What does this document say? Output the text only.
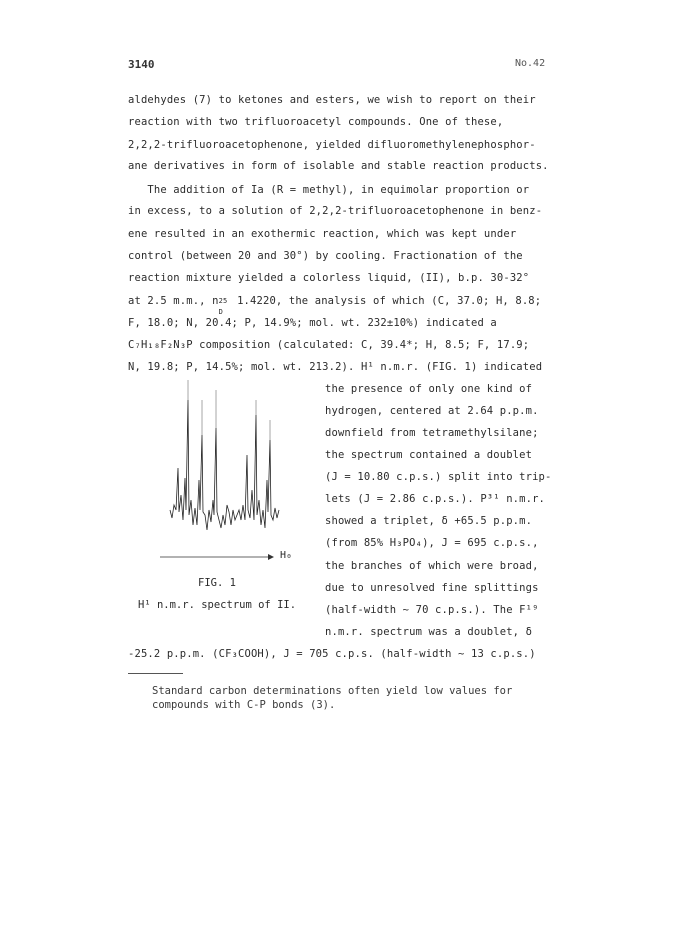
3140	No.42
aldehydes (7) to ketones and esters, we wish to report on their
reaction with two trifluoroacetyl compounds. One of these,
2,2,2-trifluoroacetophenone, yielded difluoromethylenephosphor-
ane derivatives in form of isolable and stable reaction products.
The addition of Ia (R = methyl), in equimolar proportion or
in excess, to a solution of 2,2,2-trifluoroacetophenone in benz-
ene resulted in an exothermic reaction, which was kept under
control (between 20 and 30°) by cooling. Fractionation of the
reaction mixture yielded a colorless liquid, (II), b.p. 30-32°
at 2.5 m.m., n 25
D
1.4220, the analysis of which (C, 37.0; H, 8.8;
F, 18.0; N, 20.4; P, 14.9%; mol. wt. 232±10%) indicated a
C₇H₁₈F₂N₃P composition (calculated: C, 39.4*; H, 8.5; F, 17.9;
N, 19.8; P, 14.5%; mol. wt. 213.2). H¹ n.m.r. (FIG. 1) indicated
the presence of only one kind of
hydrogen, centered at 2.64 p.p.m.
downfield from tetramethylsilane;
the spectrum contained a doublet
(J = 10.80 c.p.s.) split into trip-
lets (J = 2.86 c.p.s.). P³¹ n.m.r.
showed a triplet, δ +65.5 p.p.m.
(from 85% H₃PO₄), J = 695 c.p.s.,
the branches of which were broad,
due to unresolved fine splittings
(half-width ~ 70 c.p.s.). The F¹⁹
n.m.r. spectrum was a doublet, δ
-25.2 p.p.m. (CF₃COOH), J = 705 c.p.s. (half-width ~ 13 c.p.s.)
H₀
FIG. 1
H¹ n.m.r. spectrum of II.
Standard carbon determinations often yield low values for
compounds with C-P bonds (3).
